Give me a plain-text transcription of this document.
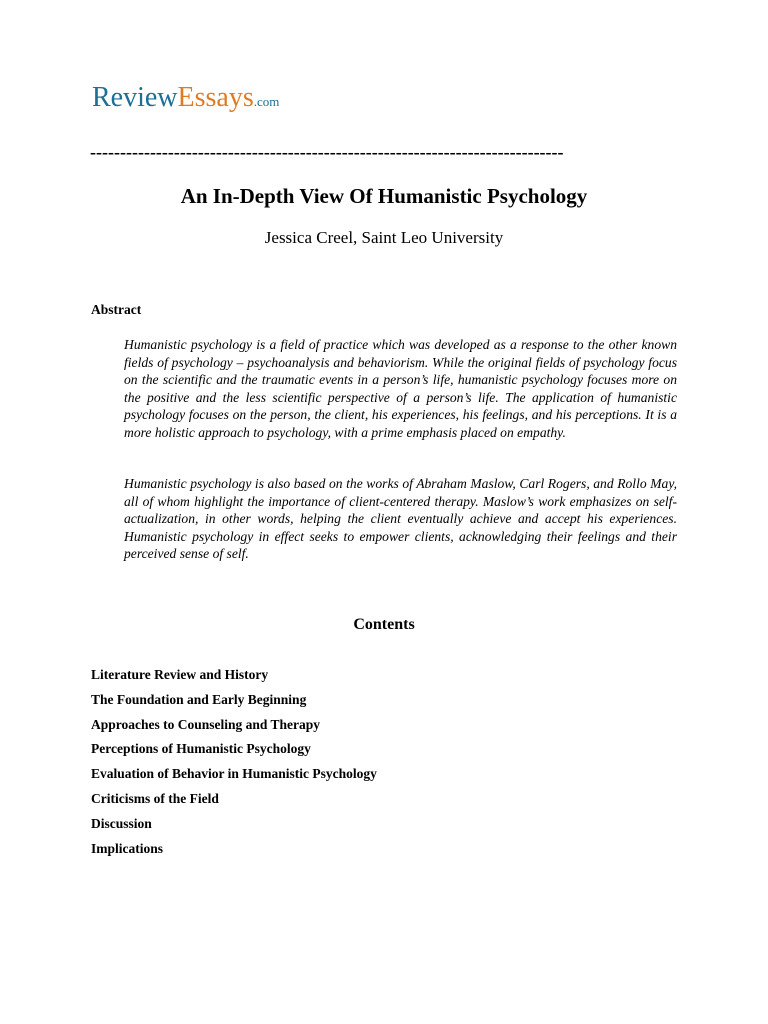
ReviewEssays.com
-------------------------------------------------------------------------------
An In-Depth View Of Humanistic Psychology
Jessica Creel, Saint Leo University
Abstract

Humanistic psychology is a field of practice which was developed as a response to the other known fields of psychology – psychoanalysis and behaviorism. While the original fields of psychology focus on the scientific and the traumatic events in a person’s life, humanistic psychology focuses more on the positive and the less scientific perspective of a person’s life. The application of humanistic psychology focuses on the person, the client, his experiences, his feelings, and his perceptions. It is a more holistic approach to psychology, with a prime emphasis placed on empathy.

Humanistic psychology is also based on the works of Abraham Maslow, Carl Rogers, and Rollo May, all of whom highlight the importance of client-centered therapy. Maslow’s work emphasizes on self-actualization, in other words, helping the client eventually achieve and accept his experiences. Humanistic psychology in effect seeks to empower clients, acknowledging their feelings and their perceived sense of self.

Contents
Literature Review and History
The Foundation and Early Beginning
Approaches to Counseling and Therapy
Perceptions of Humanistic Psychology
Evaluation of Behavior in Humanistic Psychology
Criticisms of the Field
Discussion
Implications
